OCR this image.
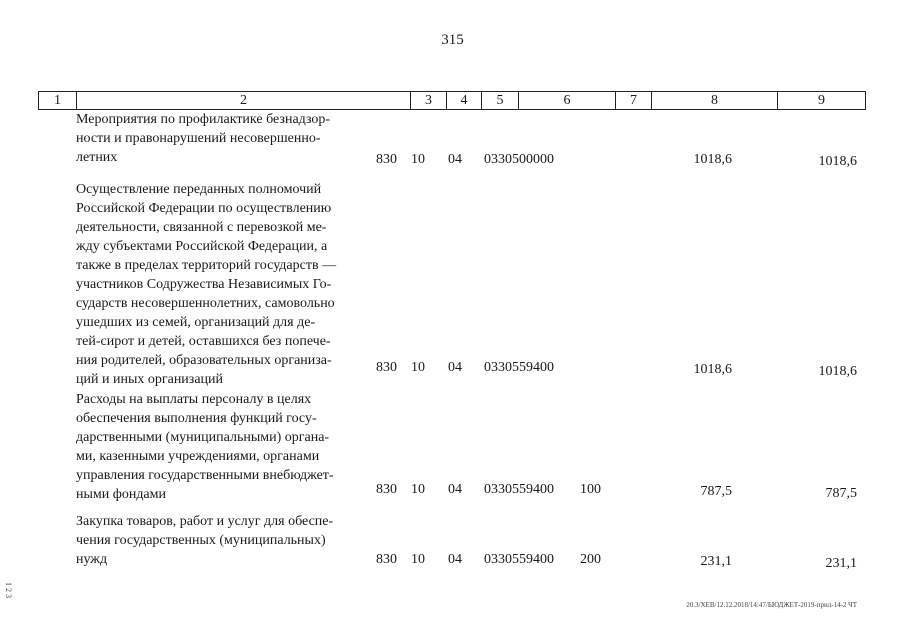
315
1	2	3	4	5	6	7	8	9
Мероприятия по профилактике безнадзор-
ности и правонарушений несовершенно-
летних	830 10 04 0330500000	1018,6	1018,6
Осуществление переданных полномочий
Российской Федерации по осуществлению
деятельности, связанной с перевозкой ме-
жду субъектами Российской Федерации, а
также в пределах территорий государств —
участников Содружества Независимых Го-
сударств несовершеннолетних, самовольно
ушедших из семей, организаций для де-
тей-сирот и детей, оставшихся без попече-
ния родителей, образовательных организа-
ций и иных организаций
830 10 04 0330559400	1018,6	1018,6
Расходы на выплаты персоналу в целях
обеспечения выполнения функций госу-
дарственными (муниципальными) органа-
ми, казенными учреждениями, органами
управления государственными внебюджет-
ными фондами	830 10 04 0330559400 100	787,5	787,5
Закупка товаров, работ и услуг для обеспе-
чения государственных (муниципальных)
нужд	830 10 04 0330559400 200	231,1	231,1
1 2 3
20.3/ХЕВ/12.12.2018/14:47/БЮДЖЕТ-2019-прил-14-2 ЧТ
